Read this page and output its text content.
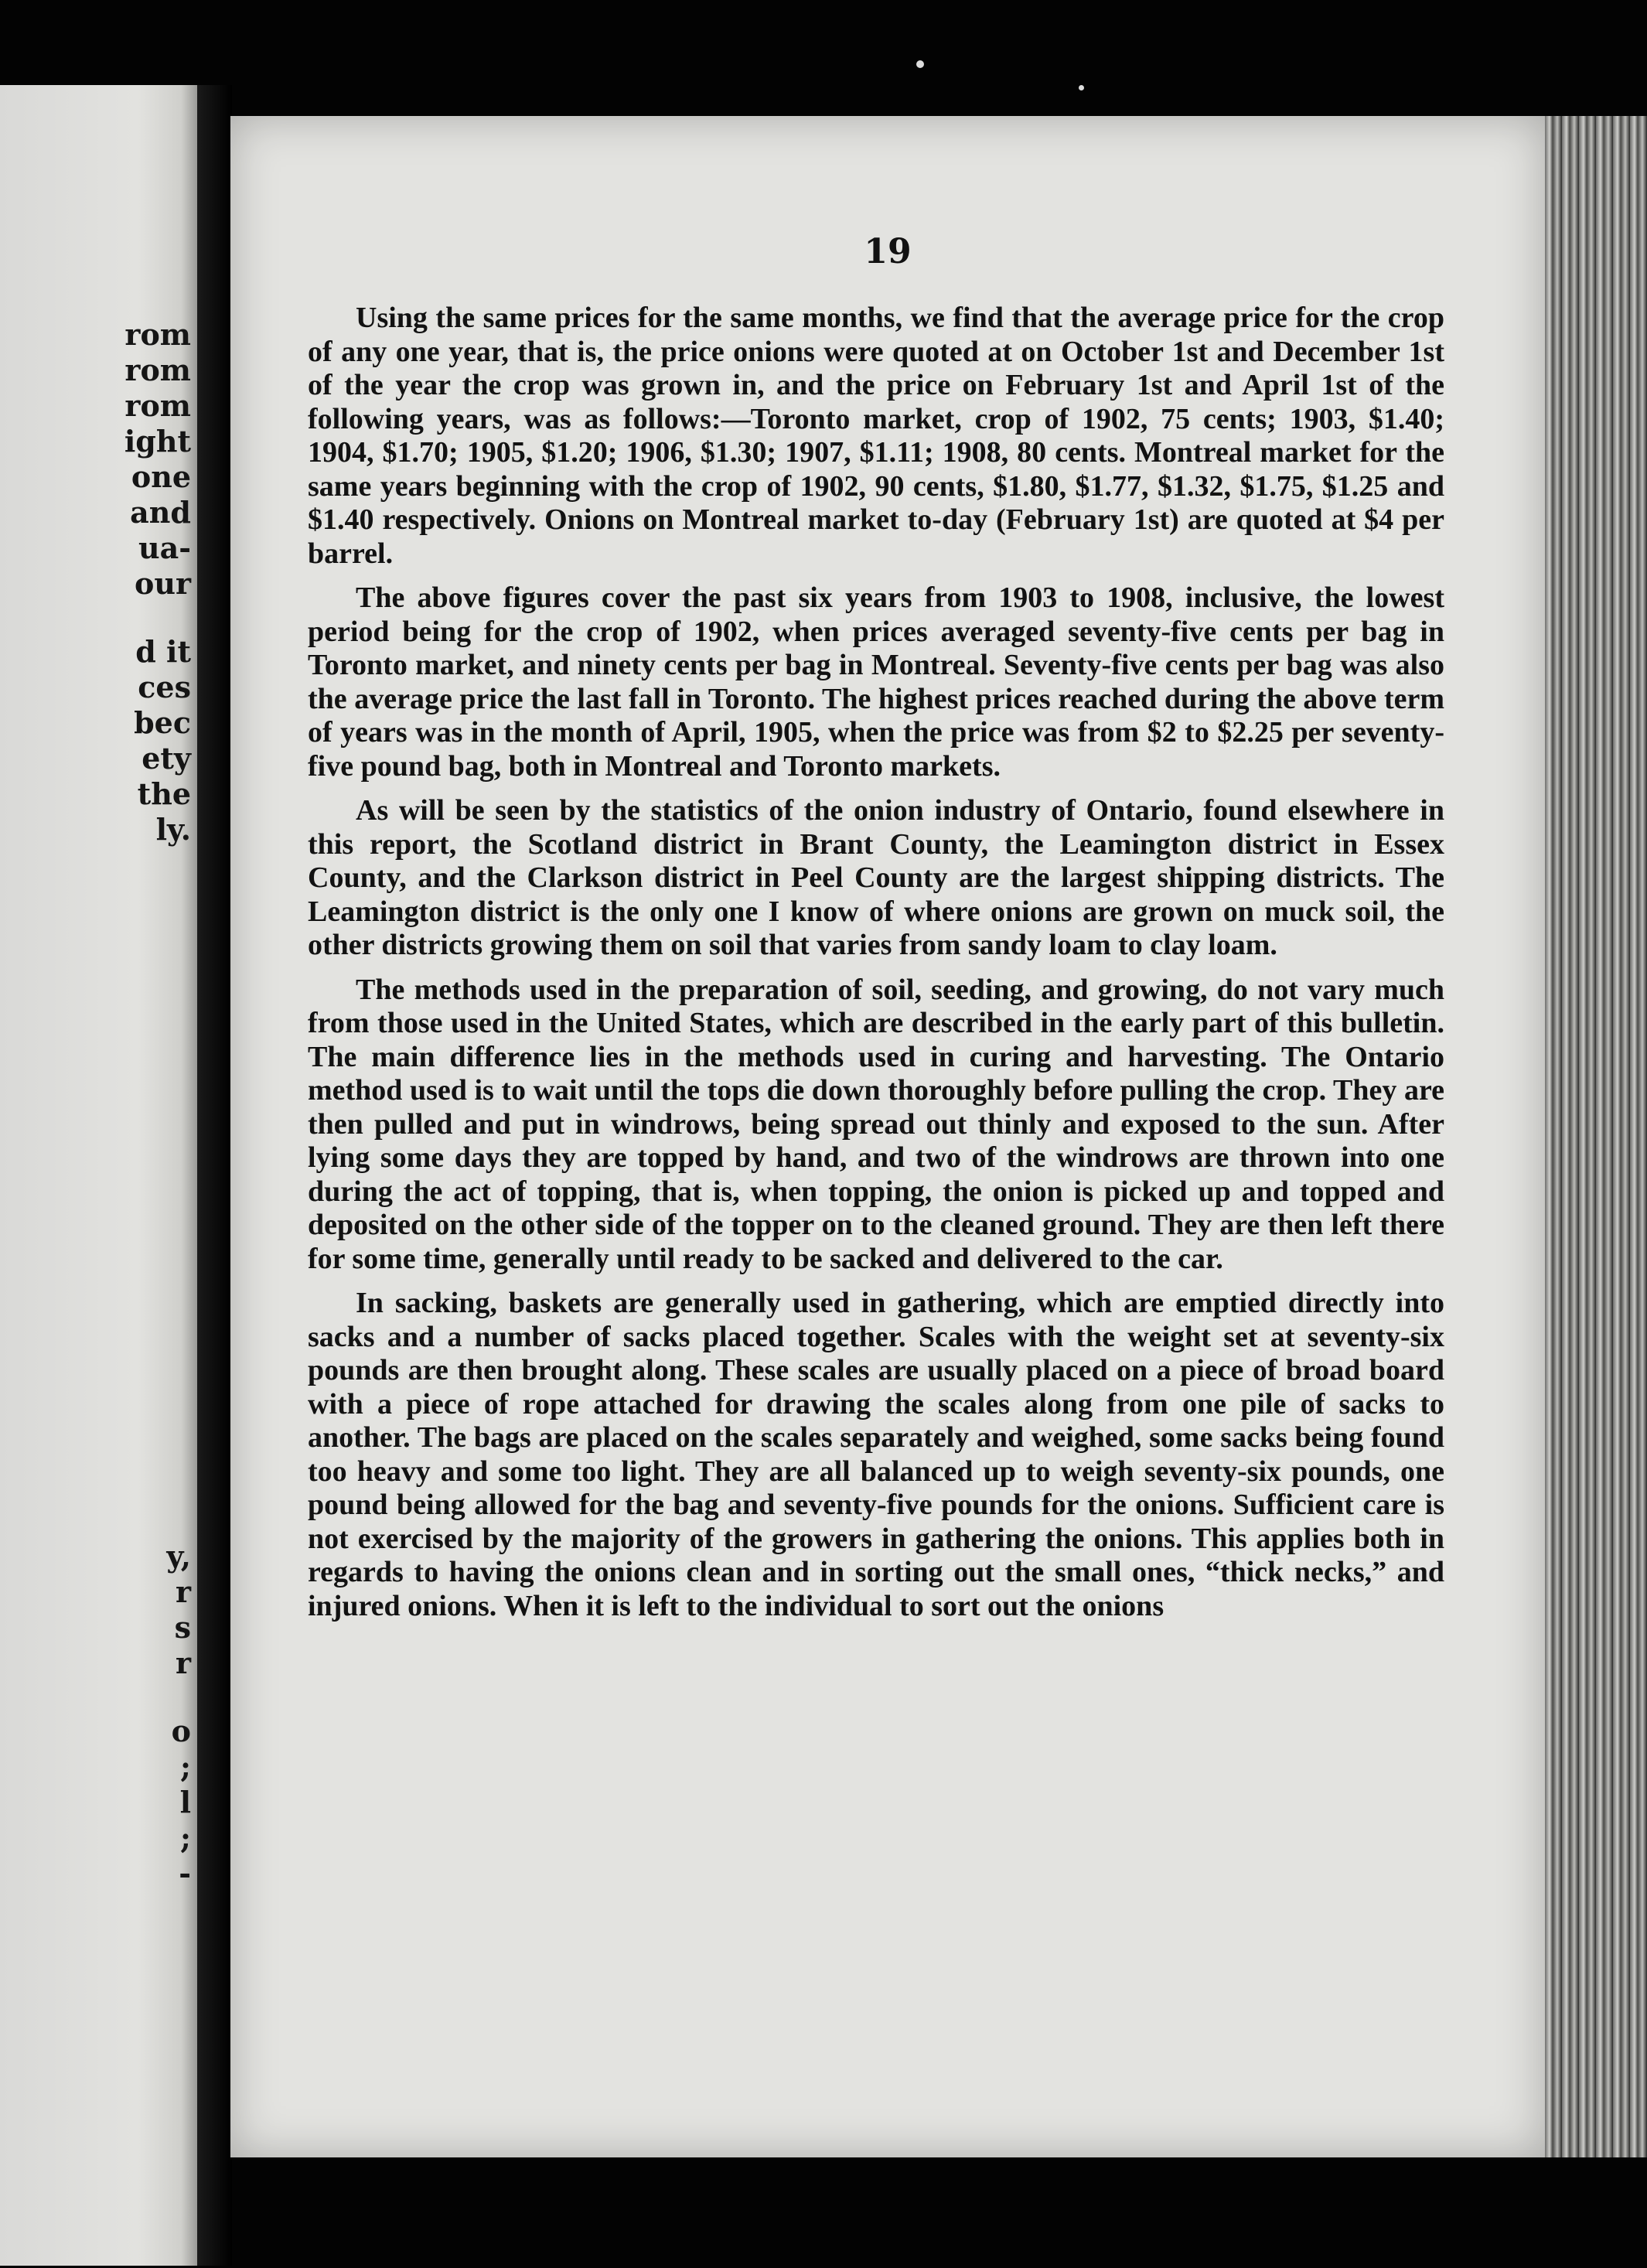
rom
rom
rom
ight
one
and
ua-
our
d it
ces
bec
ety
the
ly.
y,
r
s
r
o
;
l
;
-
19

Using the same prices for the same months, we find that the average price for the crop of any one year, that is, the price onions were quoted at on October 1st and December 1st of the year the crop was grown in, and the price on February 1st and April 1st of the following years, was as follows:—Toronto market, crop of 1902, 75 cents; 1903, $1.40; 1904, $1.70; 1905, $1.20; 1906, $1.30; 1907, $1.11; 1908, 80 cents. Montreal market for the same years beginning with the crop of 1902, 90 cents, $1.80, $1.77, $1.32, $1.75, $1.25 and $1.40 respectively. Onions on Montreal market to-day (February 1st) are quoted at $4 per barrel.

The above figures cover the past six years from 1903 to 1908, inclusive, the lowest period being for the crop of 1902, when prices averaged seventy-five cents per bag in Toronto market, and ninety cents per bag in Montreal. Seventy-five cents per bag was also the average price the last fall in Toronto. The highest prices reached during the above term of years was in the month of April, 1905, when the price was from $2 to $2.25 per seventy-five pound bag, both in Montreal and Toronto markets.

As will be seen by the statistics of the onion industry of Ontario, found elsewhere in this report, the Scotland district in Brant County, the Leamington district in Essex County, and the Clarkson district in Peel County are the largest shipping districts. The Leamington district is the only one I know of where onions are grown on muck soil, the other districts growing them on soil that varies from sandy loam to clay loam.

The methods used in the preparation of soil, seeding, and growing, do not vary much from those used in the United States, which are described in the early part of this bulletin. The main difference lies in the methods used in curing and harvesting. The Ontario method used is to wait until the tops die down thoroughly before pulling the crop. They are then pulled and put in windrows, being spread out thinly and exposed to the sun. After lying some days they are topped by hand, and two of the windrows are thrown into one during the act of topping, that is, when topping, the onion is picked up and topped and deposited on the other side of the topper on to the cleaned ground. They are then left there for some time, generally until ready to be sacked and delivered to the car.

In sacking, baskets are generally used in gathering, which are emptied directly into sacks and a number of sacks placed together. Scales with the weight set at seventy-six pounds are then brought along. These scales are usually placed on a piece of broad board with a piece of rope attached for drawing the scales along from one pile of sacks to another. The bags are placed on the scales separately and weighed, some sacks being found too heavy and some too light. They are all balanced up to weigh seventy-six pounds, one pound being allowed for the bag and seventy-five pounds for the onions. Sufficient care is not exercised by the majority of the growers in gathering the onions. This applies both in regards to having the onions clean and in sorting out the small ones, “thick necks,” and injured onions. When it is left to the individual to sort out the onions
